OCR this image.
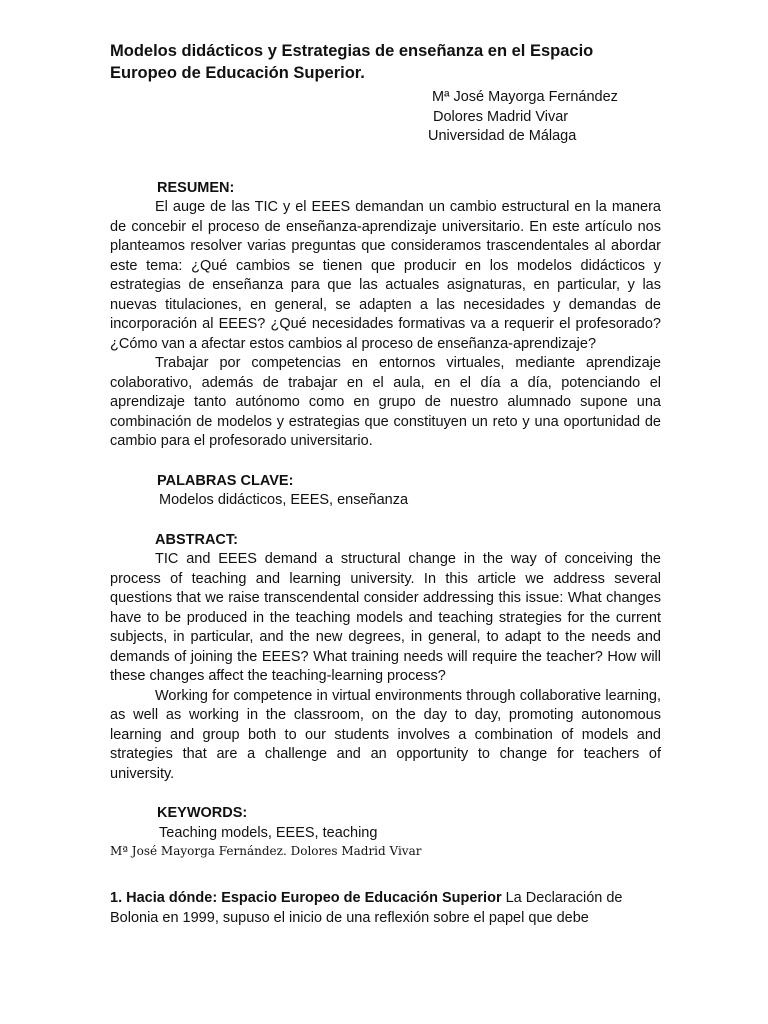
Modelos didácticos y Estrategias de enseñanza en el Espacio Europeo de Educación Superior.
Mª José Mayorga Fernández
Dolores Madrid Vivar
Universidad de Málaga

RESUMEN:

El auge de las TIC y el EEES demandan un cambio estructural en la manera de concebir el proceso de enseñanza-aprendizaje universitario. En este artículo nos planteamos resolver varias preguntas que consideramos trascendentales al abordar este tema: ¿Qué cambios se tienen que producir en los modelos didácticos y estrategias de enseñanza para que las actuales asignaturas, en particular, y las nuevas titulaciones, en general, se adapten a las necesidades y demandas de incorporación al EEES? ¿Qué necesidades formativas va a requerir el profesorado? ¿Cómo van a afectar estos cambios al proceso de enseñanza-aprendizaje?

Trabajar por competencias en entornos virtuales, mediante aprendizaje colaborativo, además de trabajar en el aula, en el día a día, potenciando el aprendizaje tanto autónomo como en grupo de nuestro alumnado supone una combinación de modelos y estrategias que constituyen un reto y una oportunidad de cambio para el profesorado universitario.

PALABRAS CLAVE:

Modelos didácticos, EEES, enseñanza

ABSTRACT:

TIC and EEES demand a structural change in the way of conceiving the process of teaching and learning university. In this article we address several questions that we raise transcendental consider addressing this issue: What changes have to be produced in the teaching models and teaching strategies for the current subjects, in particular, and the new degrees, in general, to adapt to the needs and demands of joining the EEES? What training needs will require the teacher? How will these changes affect the teaching-learning process?

Working for competence in virtual environments through collaborative learning, as well as working in the classroom, on the day to day, promoting autonomous learning and group both to our students involves a combination of models and strategies that are a challenge and an opportunity to change for teachers of university.

KEYWORDS:

Teaching models, EEES, teaching

Mª José Mayorga Fernández. Dolores Madrid Vivar

1. Hacia dónde: Espacio Europeo de Educación Superior La Declaración de Bolonia en 1999, supuso el inicio de una reflexión sobre el papel que debe
